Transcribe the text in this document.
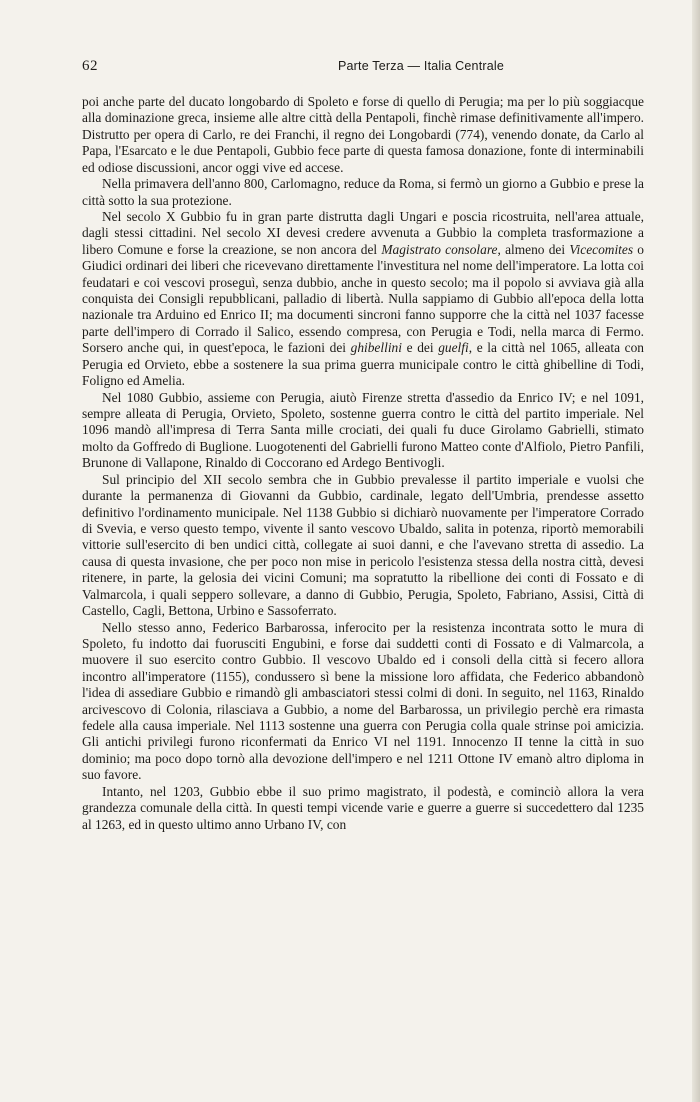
62	Parte Terza — Italia Centrale

poi anche parte del ducato longobardo di Spoleto e forse di quello di Perugia; ma per lo più soggiacque alla dominazione greca, insieme alle altre città della Pentapoli, finchè rimase definitivamente all'impero. Distrutto per opera di Carlo, re dei Franchi, il regno dei Longobardi (774), venendo donate, da Carlo al Papa, l'Esarcato e le due Pentapoli, Gubbio fece parte di questa famosa donazione, fonte di interminabili ed odiose discussioni, ancor oggi vive ed accese.

Nella primavera dell'anno 800, Carlomagno, reduce da Roma, si fermò un giorno a Gubbio e prese la città sotto la sua protezione.

Nel secolo X Gubbio fu in gran parte distrutta dagli Ungari e poscia ricostruita, nell'area attuale, dagli stessi cittadini. Nel secolo XI devesi credere avvenuta a Gubbio la completa trasformazione a libero Comune e forse la creazione, se non ancora del Magistrato consolare, almeno dei Vicecomites o Giudici ordinari dei liberi che ricevevano direttamente l'investitura nel nome dell'imperatore. La lotta coi feudatari e coi vescovi proseguì, senza dubbio, anche in questo secolo; ma il popolo si avviava già alla conquista dei Consigli repubblicani, palladio di libertà. Nulla sappiamo di Gubbio all'epoca della lotta nazionale tra Arduino ed Enrico II; ma documenti sincroni fanno supporre che la città nel 1037 facesse parte dell'impero di Corrado il Salico, essendo compresa, con Perugia e Todi, nella marca di Fermo. Sorsero anche qui, in quest'epoca, le fazioni dei ghibellini e dei guelfi, e la città nel 1065, alleata con Perugia ed Orvieto, ebbe a sostenere la sua prima guerra municipale contro le città ghibelline di Todi, Foligno ed Amelia.

Nel 1080 Gubbio, assieme con Perugia, aiutò Firenze stretta d'assedio da Enrico IV; e nel 1091, sempre alleata di Perugia, Orvieto, Spoleto, sostenne guerra contro le città del partito imperiale. Nel 1096 mandò all'impresa di Terra Santa mille crociati, dei quali fu duce Girolamo Gabrielli, stimato molto da Goffredo di Buglione. Luogotenenti del Gabrielli furono Matteo conte d'Alfiolo, Pietro Panfili, Brunone di Vallapone, Rinaldo di Coccorano ed Ardego Bentivogli.

Sul principio del XII secolo sembra che in Gubbio prevalesse il partito imperiale e vuolsi che durante la permanenza di Giovanni da Gubbio, cardinale, legato dell'Umbria, prendesse assetto definitivo l'ordinamento municipale. Nel 1138 Gubbio si dichiarò nuovamente per l'imperatore Corrado di Svevia, e verso questo tempo, vivente il santo vescovo Ubaldo, salita in potenza, riportò memorabili vittorie sull'esercito di ben undici città, collegate ai suoi danni, e che l'avevano stretta di assedio. La causa di questa invasione, che per poco non mise in pericolo l'esistenza stessa della nostra città, devesi ritenere, in parte, la gelosia dei vicini Comuni; ma sopratutto la ribellione dei conti di Fossato e di Valmarcola, i quali seppero sollevare, a danno di Gubbio, Perugia, Spoleto, Fabriano, Assisi, Città di Castello, Cagli, Bettona, Urbino e Sassoferrato.

Nello stesso anno, Federico Barbarossa, inferocito per la resistenza incontrata sotto le mura di Spoleto, fu indotto dai fuorusciti Engubini, e forse dai suddetti conti di Fossato e di Valmarcola, a muovere il suo esercito contro Gubbio. Il vescovo Ubaldo ed i consoli della città si fecero allora incontro all'imperatore (1155), condussero sì bene la missione loro affidata, che Federico abbandonò l'idea di assediare Gubbio e rimandò gli ambasciatori stessi colmi di doni. In seguito, nel 1163, Rinaldo arcivescovo di Colonia, rilasciava a Gubbio, a nome del Barbarossa, un privilegio perchè era rimasta fedele alla causa imperiale. Nel 1113 sostenne una guerra con Perugia colla quale strinse poi amicizia. Gli antichi privilegi furono riconfermati da Enrico VI nel 1191. Innocenzo II tenne la città in suo dominio; ma poco dopo tornò alla devozione dell'impero e nel 1211 Ottone IV emanò altro diploma in suo favore.

Intanto, nel 1203, Gubbio ebbe il suo primo magistrato, il podestà, e cominciò allora la vera grandezza comunale della città. In questi tempi vicende varie e guerre a guerre si succedettero dal 1235 al 1263, ed in questo ultimo anno Urbano IV, con
